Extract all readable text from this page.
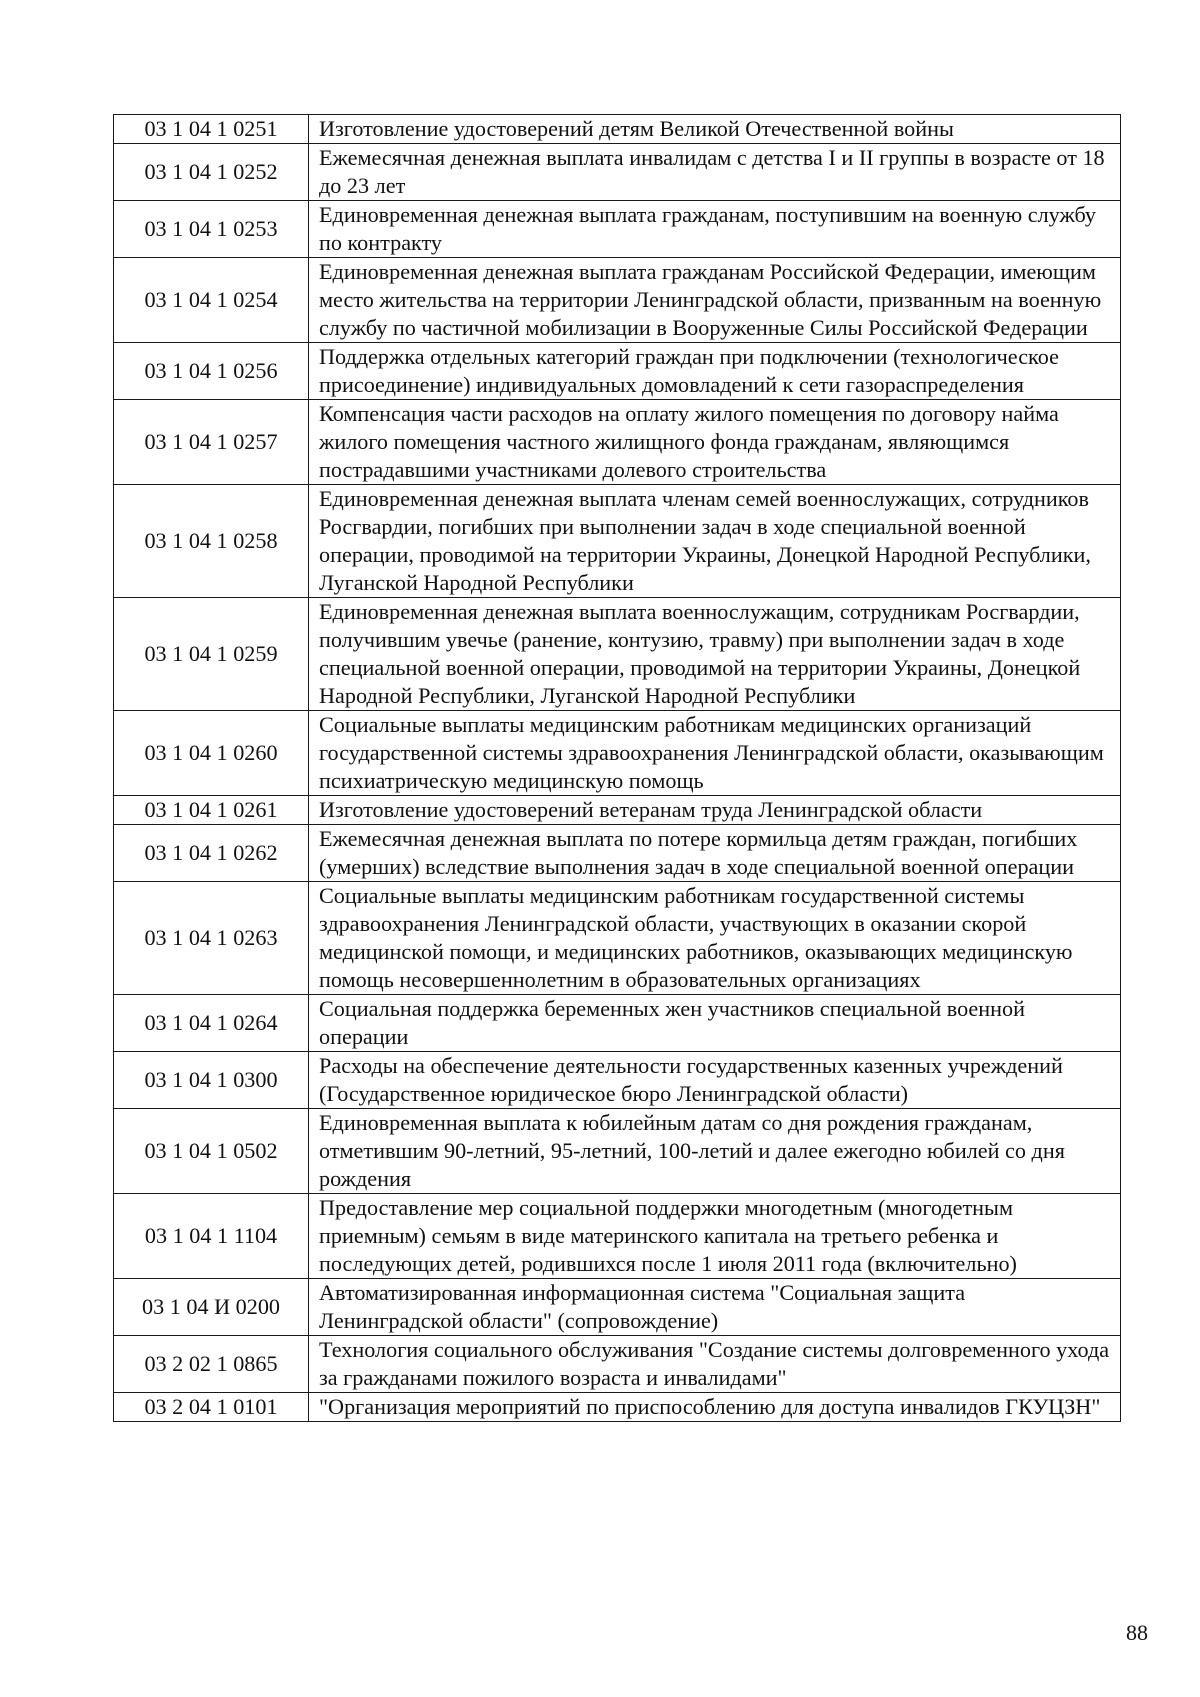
03 1 04 1 0251	Изготовление удостоверений детям Великой Отечественной войны
03 1 04 1 0252	Ежемесячная денежная выплата инвалидам с детства I и II группы в возрасте от 18 до 23 лет
03 1 04 1 0253	Единовременная денежная выплата гражданам, поступившим на военную службу по контракту
03 1 04 1 0254	Единовременная денежная выплата гражданам Российской Федерации, имеющим место жительства на территории Ленинградской области, призванным на военную службу по частичной мобилизации в Вооруженные Силы Российской Федерации
03 1 04 1 0256	Поддержка отдельных категорий граждан при подключении (технологическое присоединение) индивидуальных домовладений к сети газораспределения
03 1 04 1 0257	Компенсация части расходов на оплату жилого помещения по договору найма жилого помещения частного жилищного фонда гражданам, являющимся пострадавшими участниками долевого строительства
03 1 04 1 0258	Единовременная денежная выплата членам семей военнослужащих, сотрудников Росгвардии, погибших при выполнении задач в ходе специальной военной операции, проводимой на территории Украины, Донецкой Народной Республики, Луганской Народной Республики
03 1 04 1 0259	Единовременная денежная выплата военнослужащим, сотрудникам Росгвардии, получившим увечье (ранение, контузию, травму) при выполнении задач в ходе специальной военной операции, проводимой на территории Украины, Донецкой Народной Республики, Луганской Народной Республики
03 1 04 1 0260	Социальные выплаты медицинским работникам медицинских организаций государственной системы здравоохранения Ленинградской области, оказывающим психиатрическую медицинскую помощь
03 1 04 1 0261	Изготовление удостоверений ветеранам труда Ленинградской области
03 1 04 1 0262	Ежемесячная денежная выплата по потере кормильца детям граждан, погибших (умерших) вследствие выполнения задач в ходе специальной военной операции
03 1 04 1 0263	Социальные выплаты медицинским работникам государственной системы здравоохранения Ленинградской области, участвующих в оказании скорой медицинской помощи, и медицинских работников, оказывающих медицинскую помощь несовершеннолетним в образовательных организациях
03 1 04 1 0264	Социальная поддержка беременных жен участников специальной военной операции
03 1 04 1 0300	Расходы на обеспечение деятельности государственных казенных учреждений (Государственное юридическое бюро Ленинградской области)
03 1 04 1 0502	Единовременная выплата к юбилейным датам со дня рождения гражданам, отметившим 90-летний, 95-летний, 100-летий и далее ежегодно юбилей со дня рождения
03 1 04 1 1104	Предоставление мер социальной поддержки многодетным (многодетным приемным) семьям в виде материнского капитала на третьего ребенка и последующих детей, родившихся после 1 июля 2011 года (включительно)
03 1 04 И 0200	Автоматизированная информационная система "Социальная защита Ленинградской области" (сопровождение)
03 2 02 1 0865	Технология социального обслуживания "Создание системы долговременного ухода за гражданами пожилого возраста и инвалидами"
03 2 04 1 0101	"Организация мероприятий по приспособлению для доступа инвалидов ГКУЦЗН"
88
